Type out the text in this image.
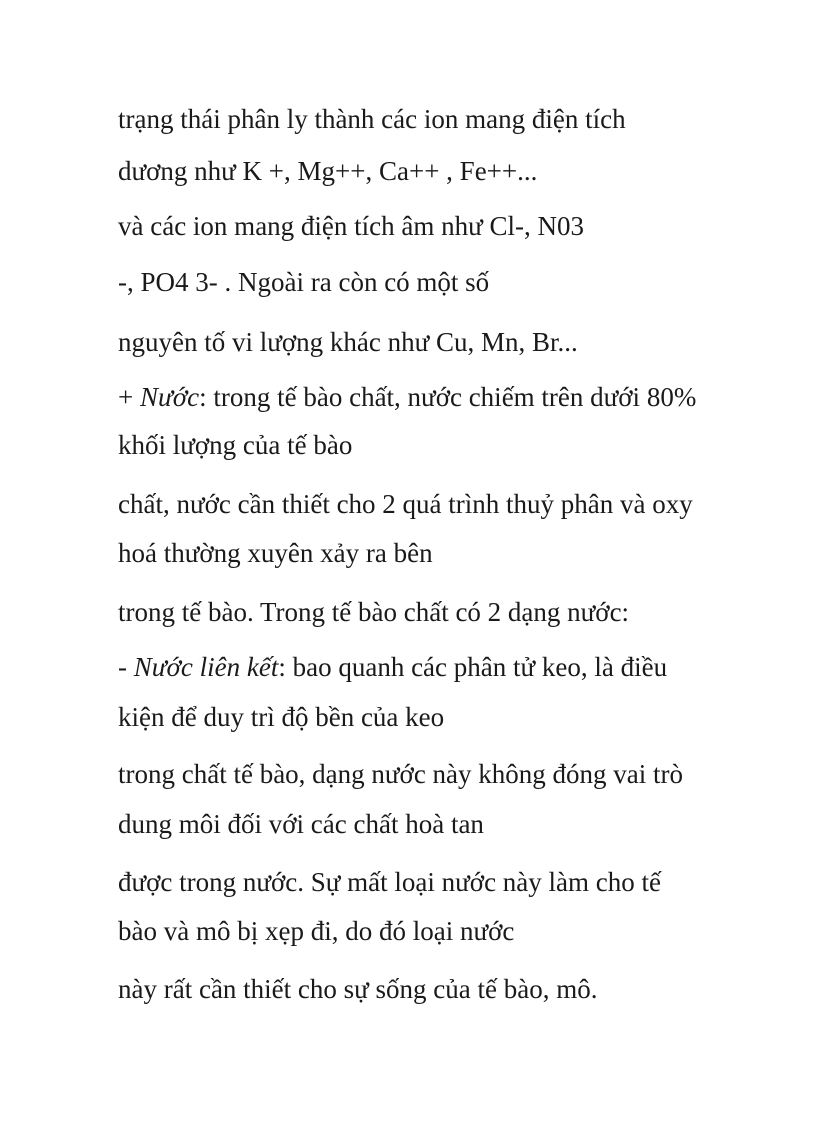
trạng thái phân ly thành các ion mang điện tích
dương như K +, Mg++, Ca++ , Fe++...
và các ion mang điện tích âm như Cl-, N03
-, PO4 3- . Ngoài ra còn có một số
nguyên tố vi lượng khác như Cu, Mn, Br...
+ Nước: trong tế bào chất, nước chiếm trên dưới 80%
khối lượng của tế bào
chất, nước cần thiết cho 2 quá trình thuỷ phân và oxy
hoá thường xuyên xảy ra bên
trong tế bào. Trong tế bào chất có 2 dạng nước:
- Nước liên kết: bao quanh các phân tử keo, là điều
kiện để duy trì độ bền của keo
trong chất tế bào, dạng nước này không đóng vai trò
dung môi đối với các chất hoà tan
được trong nước. Sự mất loại nước này làm cho tế
bào và mô bị xẹp đi, do đó loại nước
này rất cần thiết cho sự sống của tế bào, mô.
